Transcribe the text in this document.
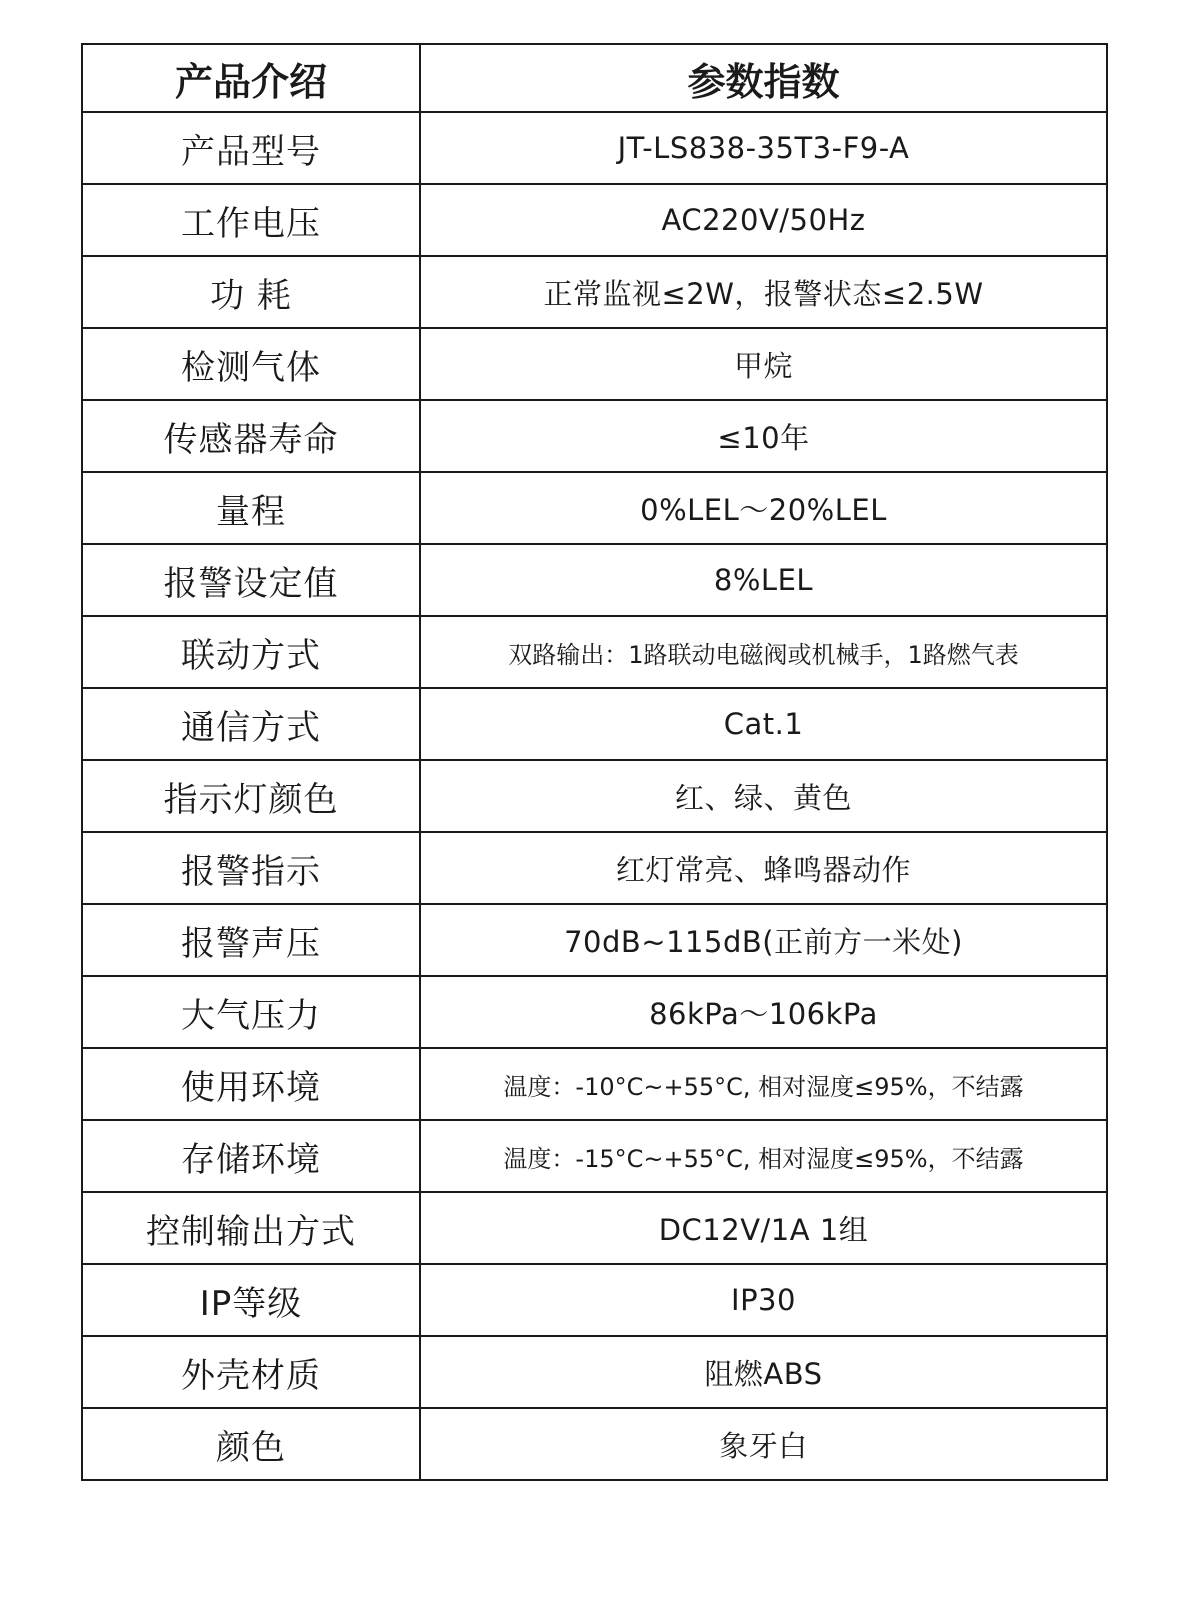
产品介绍	参数指数
产品型号	JT-LS838-35T3-F9-A
工作电压	AC220V/50Hz
功 耗	正常监视≤2W，报警状态≤2.5W
检测气体	甲烷
传感器寿命	≤10年
量程	0%LEL～20%LEL
报警设定值	8%LEL
联动方式	双路输出：1路联动电磁阀或机械手，1路燃气表
通信方式	Cat.1
指示灯颜色	红、绿、黄色
报警指示	红灯常亮、蜂鸣器动作
报警声压	70dB~115dB(正前方一米处)
大气压力	86kPa～106kPa
使用环境	温度：-10°C~+55°C, 相对湿度≤95%，不结露
存储环境	温度：-15°C~+55°C, 相对湿度≤95%，不结露
控制输出方式	DC12V/1A 1组
IP等级	IP30
外壳材质	阻燃ABS
颜色	象牙白
